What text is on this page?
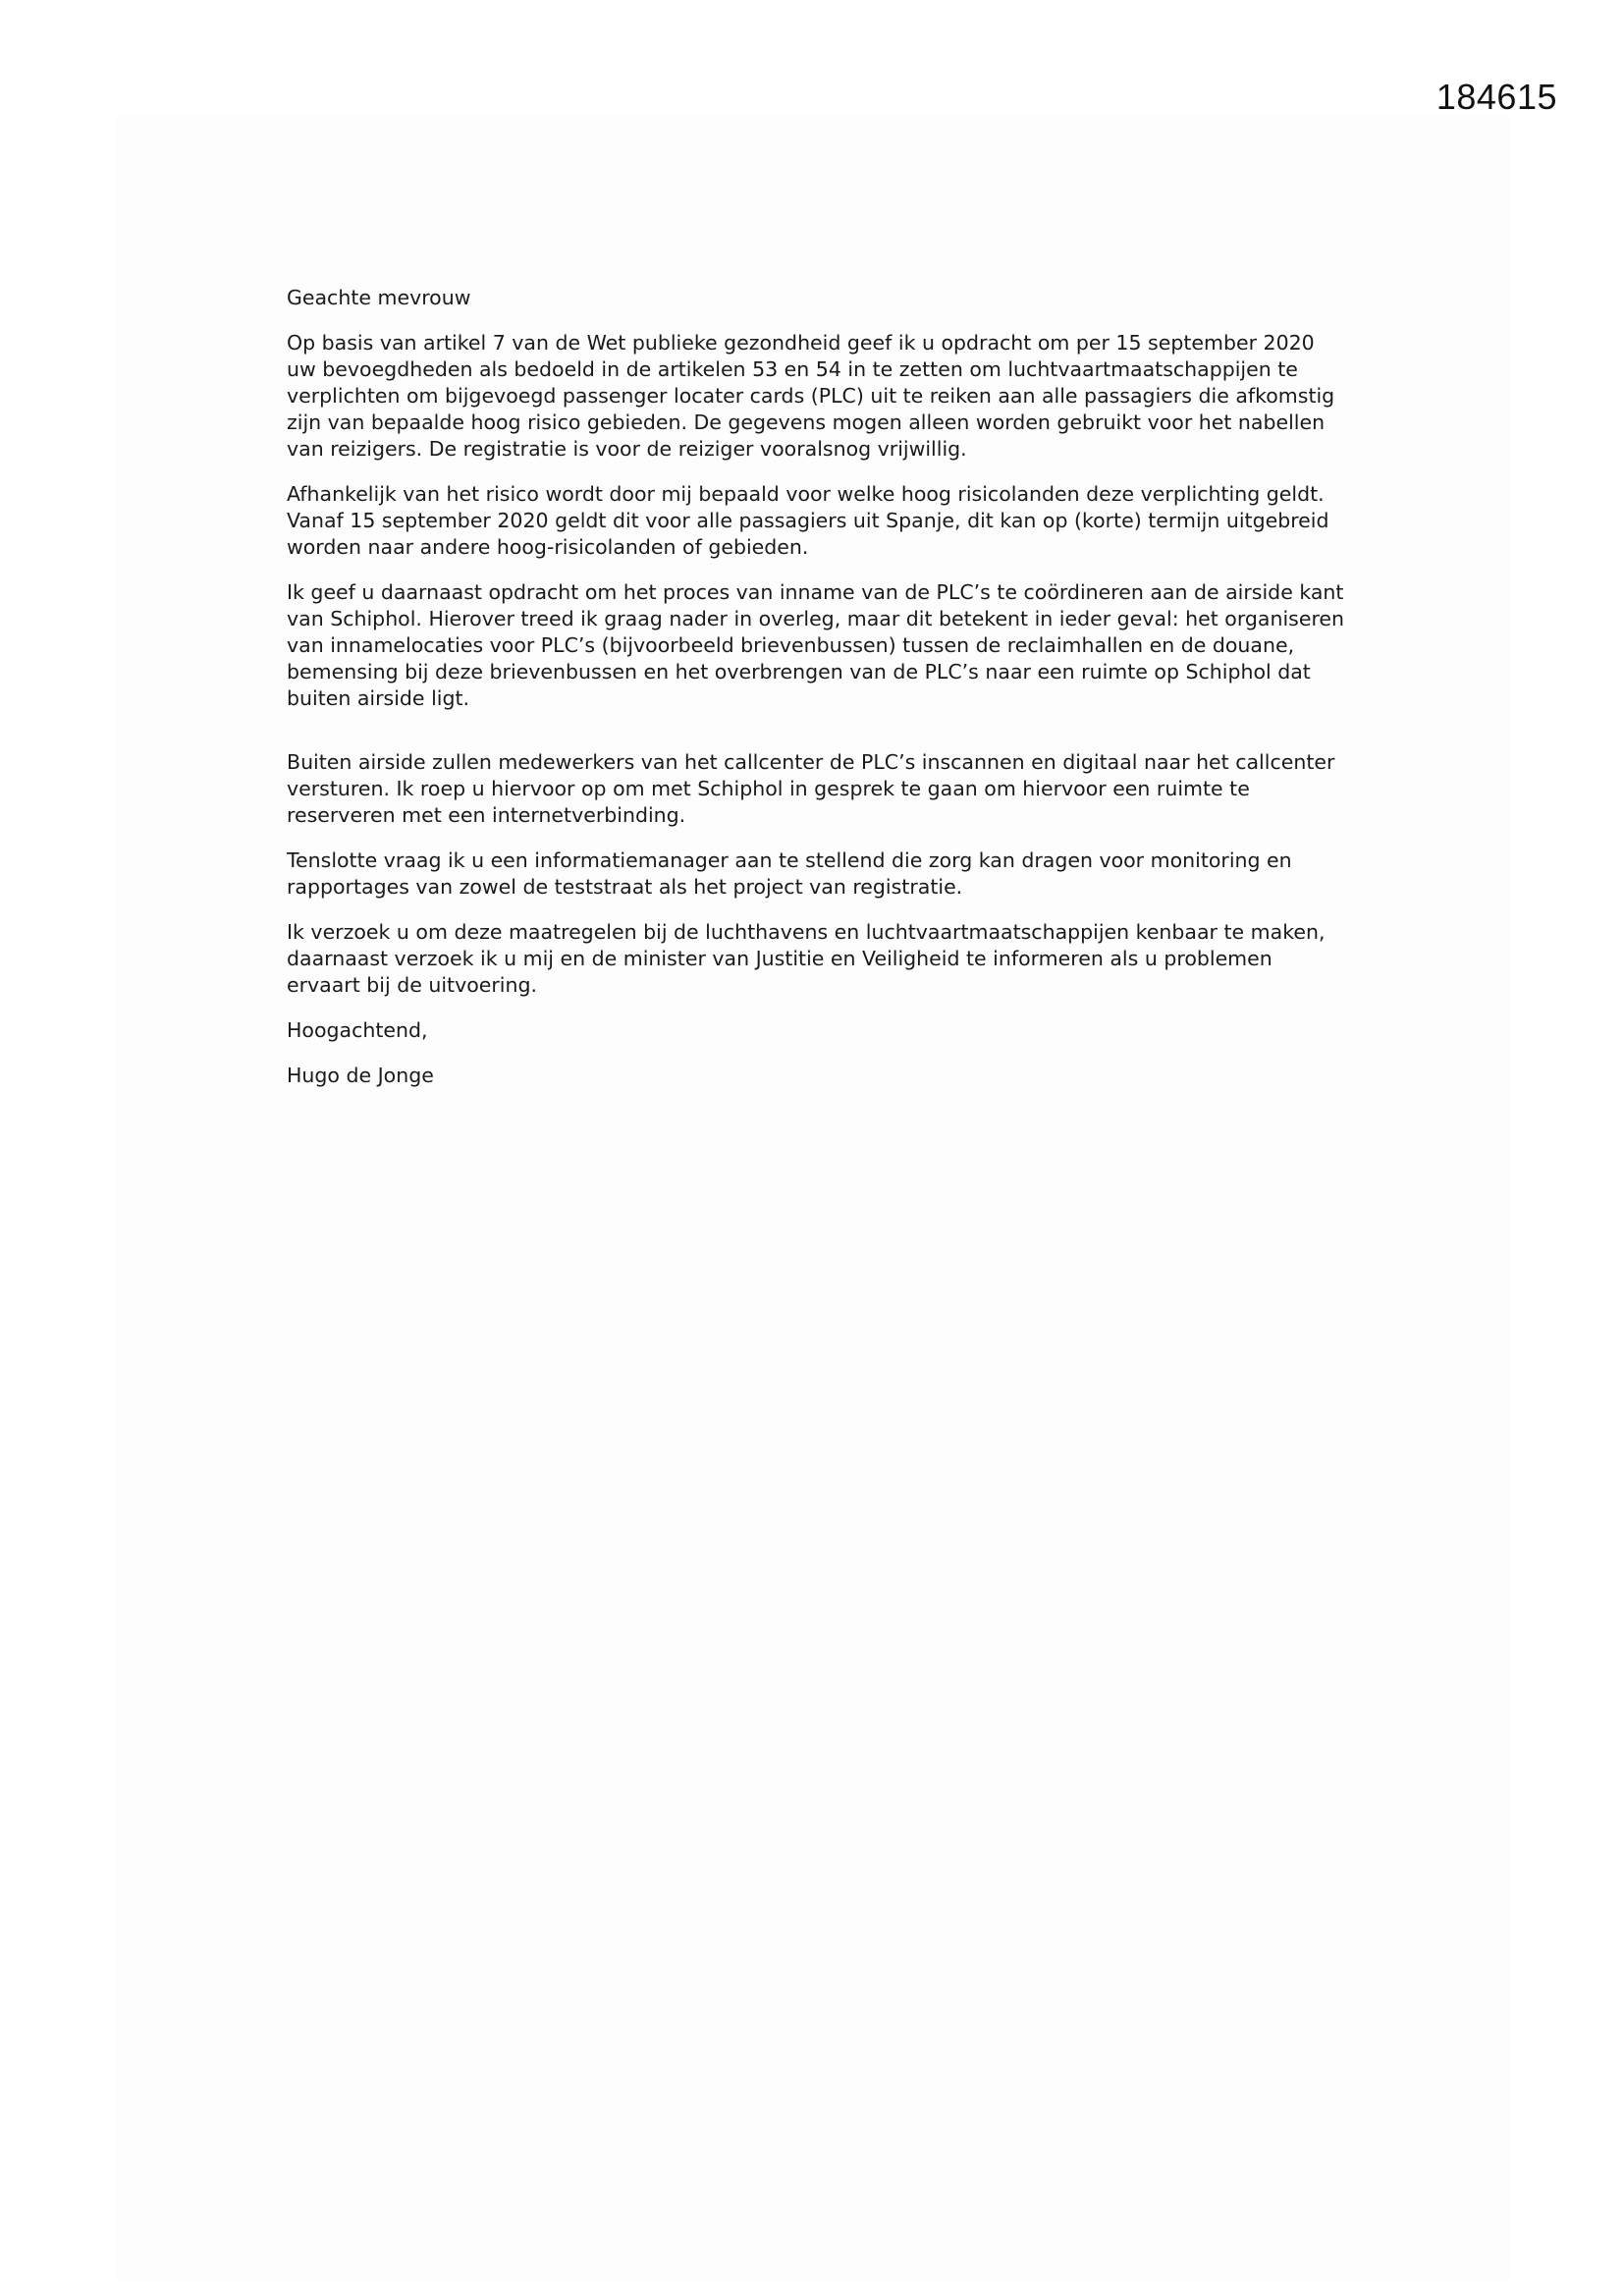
184615

Geachte mevrouw

Op basis van artikel 7 van de Wet publieke gezondheid geef ik u opdracht om per 15 september 2020
uw bevoegdheden als bedoeld in de artikelen 53 en 54 in te zetten om luchtvaartmaatschappijen te
verplichten om bijgevoegd passenger locater cards (PLC) uit te reiken aan alle passagiers die afkomstig
zijn van bepaalde hoog risico gebieden. De gegevens mogen alleen worden gebruikt voor het nabellen
van reizigers. De registratie is voor de reiziger vooralsnog vrijwillig.

Afhankelijk van het risico wordt door mij bepaald voor welke hoog risicolanden deze verplichting geldt.
Vanaf 15 september 2020 geldt dit voor alle passagiers uit Spanje, dit kan op (korte) termijn uitgebreid
worden naar andere hoog-risicolanden of gebieden.

Ik geef u daarnaast opdracht om het proces van inname van de PLC’s te coördineren aan de airside kant
van Schiphol. Hierover treed ik graag nader in overleg, maar dit betekent in ieder geval: het organiseren
van innamelocaties voor PLC’s (bijvoorbeeld brievenbussen) tussen de reclaimhallen en de douane,
bemensing bij deze brievenbussen en het overbrengen van de PLC’s naar een ruimte op Schiphol dat
buiten airside ligt.

Buiten airside zullen medewerkers van het callcenter de PLC’s inscannen en digitaal naar het callcenter
versturen. Ik roep u hiervoor op om met Schiphol in gesprek te gaan om hiervoor een ruimte te
reserveren met een internetverbinding.

Tenslotte vraag ik u een informatiemanager aan te stellend die zorg kan dragen voor monitoring en
rapportages van zowel de teststraat als het project van registratie.

Ik verzoek u om deze maatregelen bij de luchthavens en luchtvaartmaatschappijen kenbaar te maken,
daarnaast verzoek ik u mij en de minister van Justitie en Veiligheid te informeren als u problemen
ervaart bij de uitvoering.

Hoogachtend,

Hugo de Jonge
